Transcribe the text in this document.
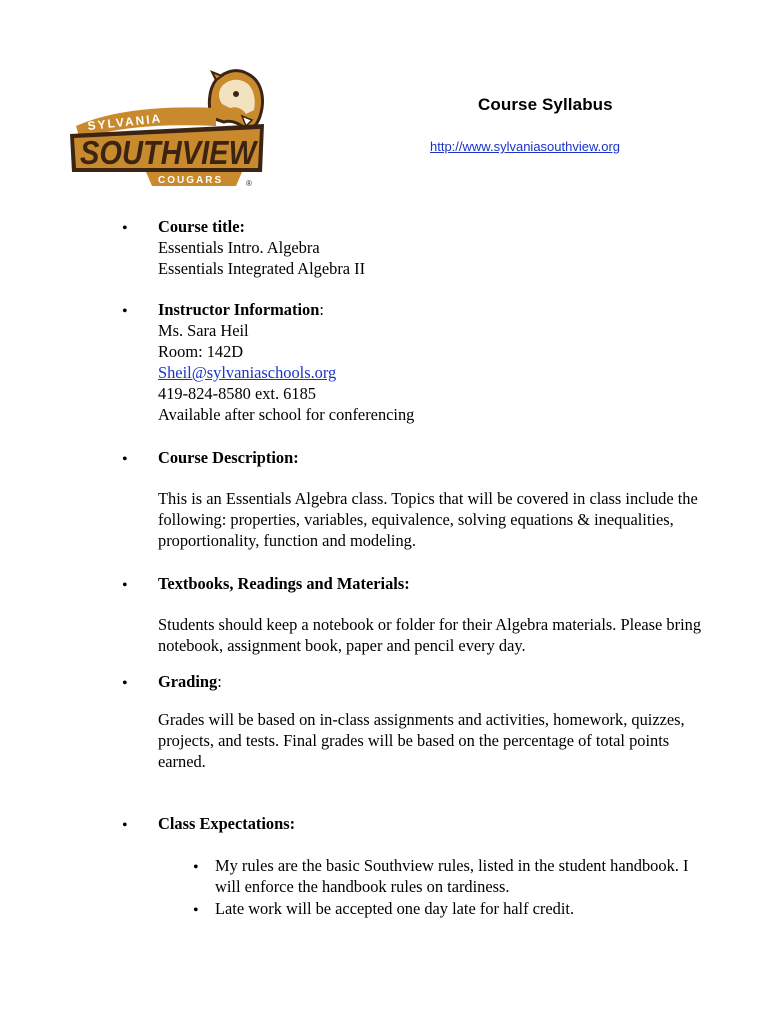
SYLVANIA
SOUTHVIEW
COUGARS	®
Course Syllabus
http://www.sylvaniasouthview.org
• Course title:

Essentials Intro. Algebra

Essentials Integrated Algebra II

• Instructor Information:

Ms. Sara Heil

Room: 142D

Sheil@sylvaniaschools.org

419-824-8580 ext. 6185

Available after school for conferencing

• Course Description:

This is an Essentials Algebra class. Topics that will be covered in class include the following: properties, variables, equivalence, solving equations & inequalities, proportionality, function and modeling.

• Textbooks, Readings and Materials:

Students should keep a notebook or folder for their Algebra materials. Please bring notebook, assignment book, paper and pencil every day.

• Grading:

Grades will be based on in-class assignments and activities, homework, quizzes, projects, and tests. Final grades will be based on the percentage of total points earned.

• Class Expectations:

• My rules are the basic Southview rules, listed in the student handbook. I will enforce the handbook rules on tardiness.
• Late work will be accepted one day late for half credit.
